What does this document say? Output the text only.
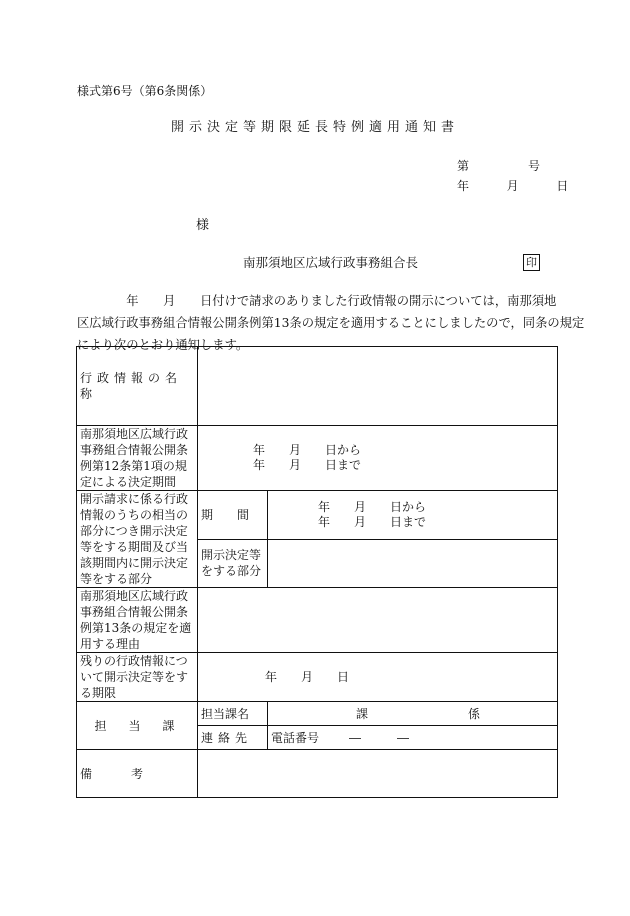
様式第6号（第6条関係）
開示決定等期限延長特例適用通知書
第	号
年	月	日
様
南那須地区広域行政事務組合長	印

　　　　年　　月　　日付けで請求のありました行政情報の開示については，南那須地

区広域行政事務組合情報公開条例第13条の規定を適用することにしましたので，同条の規定

により次のとおり通知します。

行政情報の名称		
南那須地区広域行政事務組合情報公開条例第12条第1項の規定による決定期間	年 月 日から
年 月 日まで	

開示請求に係る行政情報のうちの相当の部分につき開示決定等をする期間及び当該期間内に開示決定等をする部分	期　　間	年 月 日から
年 月 日まで

	開示決定等をする部分	
南那須地区広域行政事務組合情報公開条例第13条の規定を適用する理由		
残りの行政情報について開示決定等をする期限	年 月 日	

担　当　課	担当課名	課 係
	連絡先	電話番号 ― ―
備　　考		
